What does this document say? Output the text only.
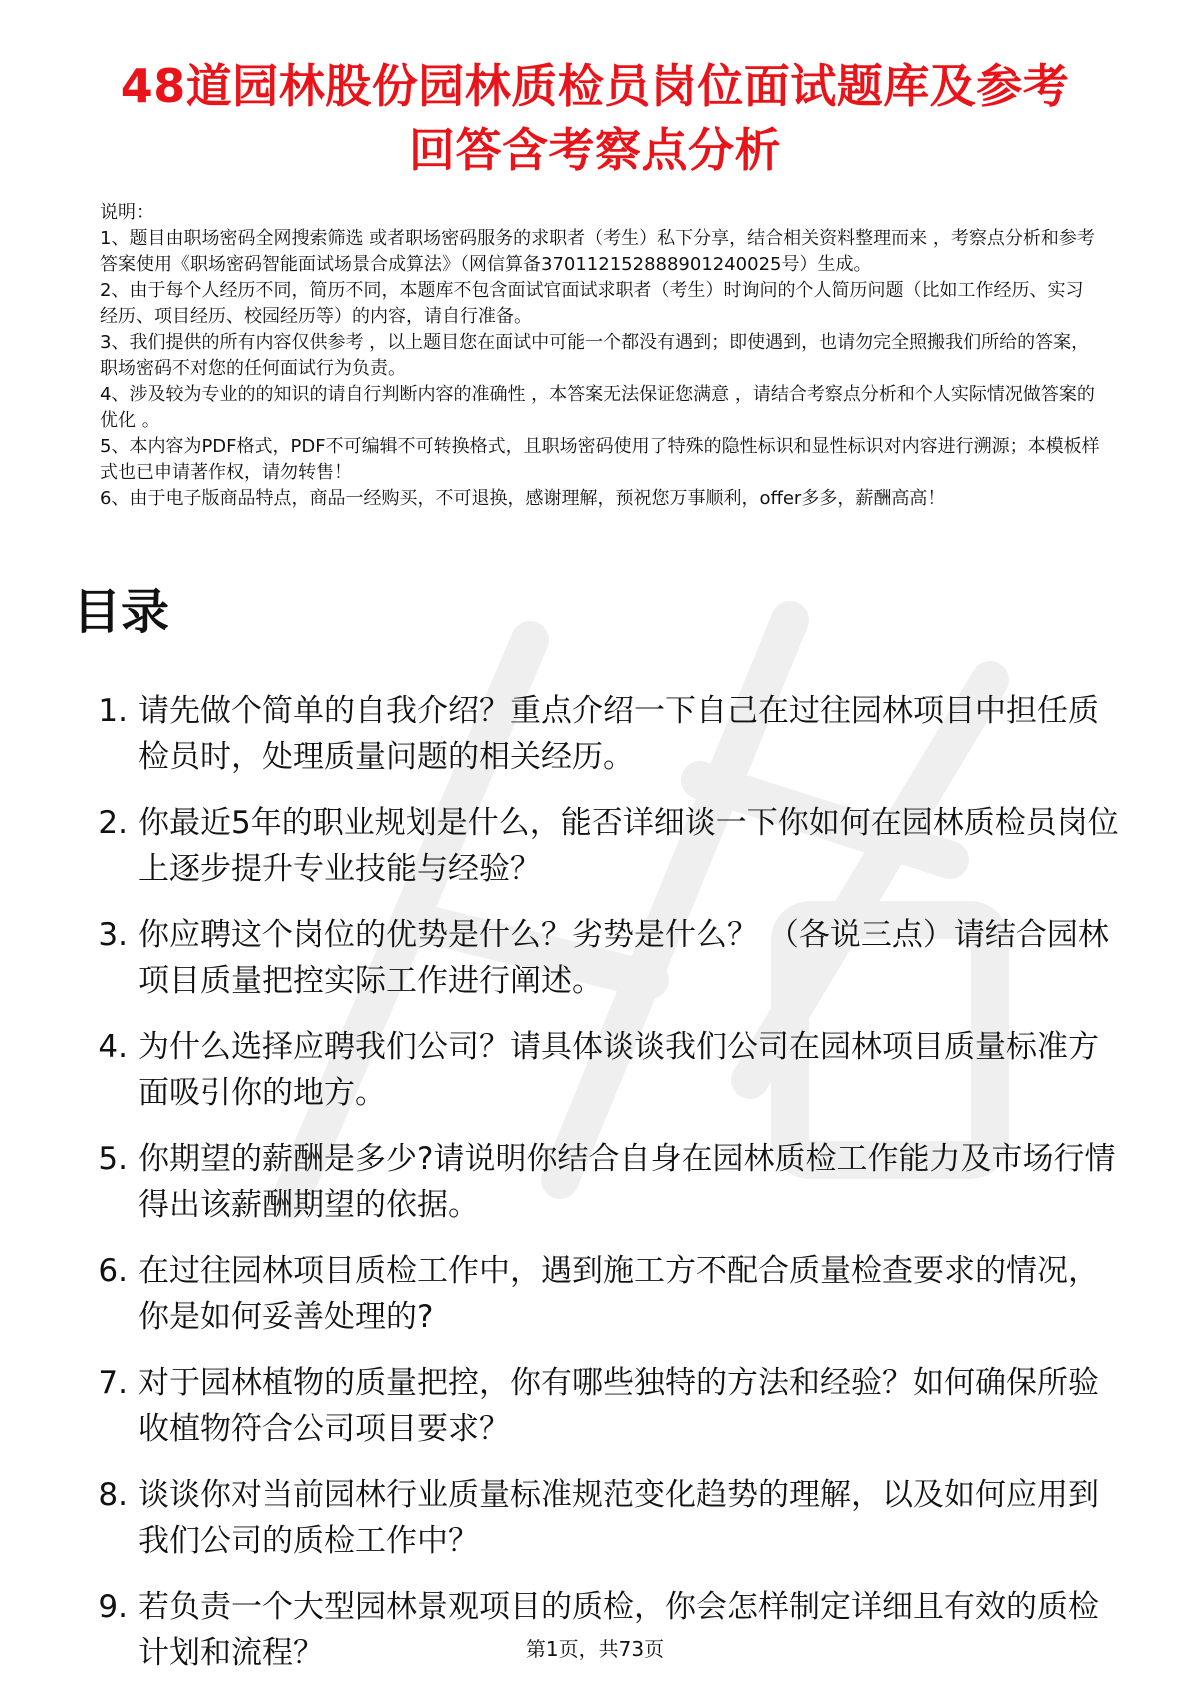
48道园林股份园林质检员岗位面试题库及参考
回答含考察点分析

说明：

1、题目由职场密码全网搜索筛选 或者职场密码服务的求职者（考生）私下分享，结合相关资料整理而来 ，考察点分析和参考答案使用《职场密码智能面试场景合成算法》（网信算备370112152888901240025号）生成。

2、由于每个人经历不同，简历不同，本题库不包含面试官面试求职者（考生）时询问的个人简历问题（比如工作经历、实习经历、项目经历、校园经历等）的内容，请自行准备。

3、我们提供的所有内容仅供参考 ，以上题目您在面试中可能一个都没有遇到；即使遇到，也请勿完全照搬我们所给的答案，职场密码不对您的任何面试行为负责。

4、涉及较为专业的的知识的请自行判断内容的准确性 ，本答案无法保证您满意 ，请结合考察点分析和个人实际情况做答案的优化 。

5、本内容为PDF格式，PDF不可编辑不可转换格式，且职场密码使用了特殊的隐性标识和显性标识对内容进行溯源；本模板样式也已申请著作权，请勿转售！

6、由于电子版商品特点，商品一经购买，不可退换，感谢理解，预祝您万事顺利，offer多多，薪酬高高！

目录
1. 请先做个简单的自我介绍？重点介绍一下自己在过往园林项目中担任质检员时，处理质量问题的相关经历。
2. 你最近5年的职业规划是什么，能否详细谈一下你如何在园林质检员岗位上逐步提升专业技能与经验？
3. 你应聘这个岗位的优势是什么？劣势是什么？ （各说三点）请结合园林项目质量把控实际工作进行阐述。
4. 为什么选择应聘我们公司？请具体谈谈我们公司在园林项目质量标准方面吸引你的地方。
5. 你期望的薪酬是多少?请说明你结合自身在园林质检工作能力及市场行情得出该薪酬期望的依据。
6. 在过往园林项目质检工作中，遇到施工方不配合质量检查要求的情况，你是如何妥善处理的?
7. 对于园林植物的质量把控，你有哪些独特的方法和经验？如何确保所验收植物符合公司项目要求？
8. 谈谈你对当前园林行业质量标准规范变化趋势的理解，以及如何应用到我们公司的质检工作中？
9. 若负责一个大型园林景观项目的质检，你会怎样制定详细且有效的质检计划和流程？	第1页，共73页
